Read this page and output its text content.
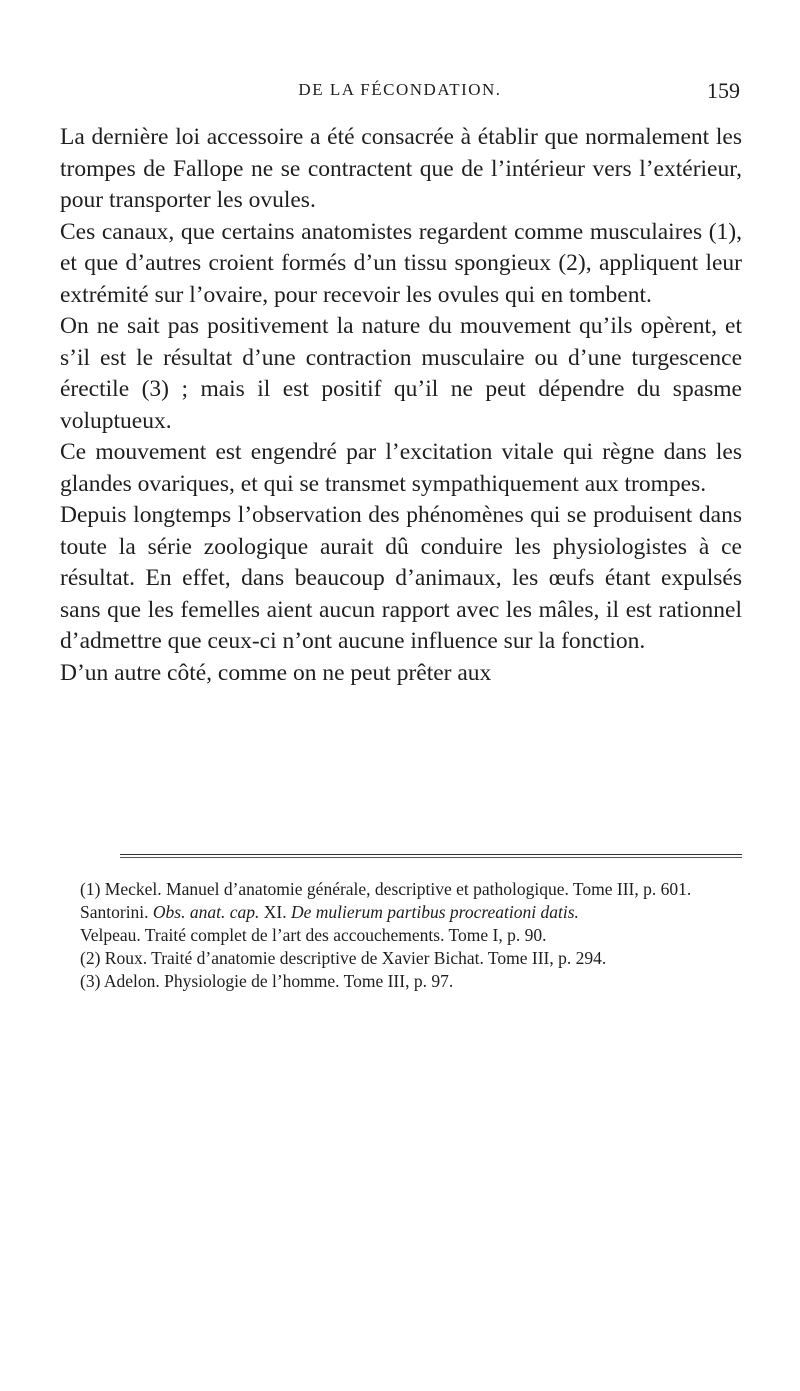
DE LA FÉCONDATION.	159

La dernière loi accessoire a été consacrée à établir que normalement les trompes de Fallope ne se contractent que de l’intérieur vers l’extérieur, pour transporter les ovules.

Ces canaux, que certains anatomistes regardent comme musculaires (1), et que d’autres croient formés d’un tissu spongieux (2), appliquent leur extrémité sur l’ovaire, pour recevoir les ovules qui en tombent.

On ne sait pas positivement la nature du mouvement qu’ils opèrent, et s’il est le résultat d’une contraction musculaire ou d’une turgescence érectile (3) ; mais il est positif qu’il ne peut dépendre du spasme voluptueux.

Ce mouvement est engendré par l’excitation vitale qui règne dans les glandes ovariques, et qui se transmet sympathiquement aux trompes.

Depuis longtemps l’observation des phénomènes qui se produisent dans toute la série zoologique aurait dû conduire les physiologistes à ce résultat. En effet, dans beaucoup d’animaux, les œufs étant expulsés sans que les femelles aient aucun rapport avec les mâles, il est rationnel d’admettre que ceux-ci n’ont aucune influence sur la fonction.

D’un autre côté, comme on ne peut prêter aux

(1) Meckel. Manuel d’anatomie générale, descriptive et pathologique. Tome III, p. 601.

Santorini. Obs. anat. cap. XI. De mulierum partibus procreationi datis.

Velpeau. Traité complet de l’art des accouchements. Tome I, p. 90.

(2) Roux. Traité d’anatomie descriptive de Xavier Bichat. Tome III, p. 294.

(3) Adelon. Physiologie de l’homme. Tome III, p. 97.
